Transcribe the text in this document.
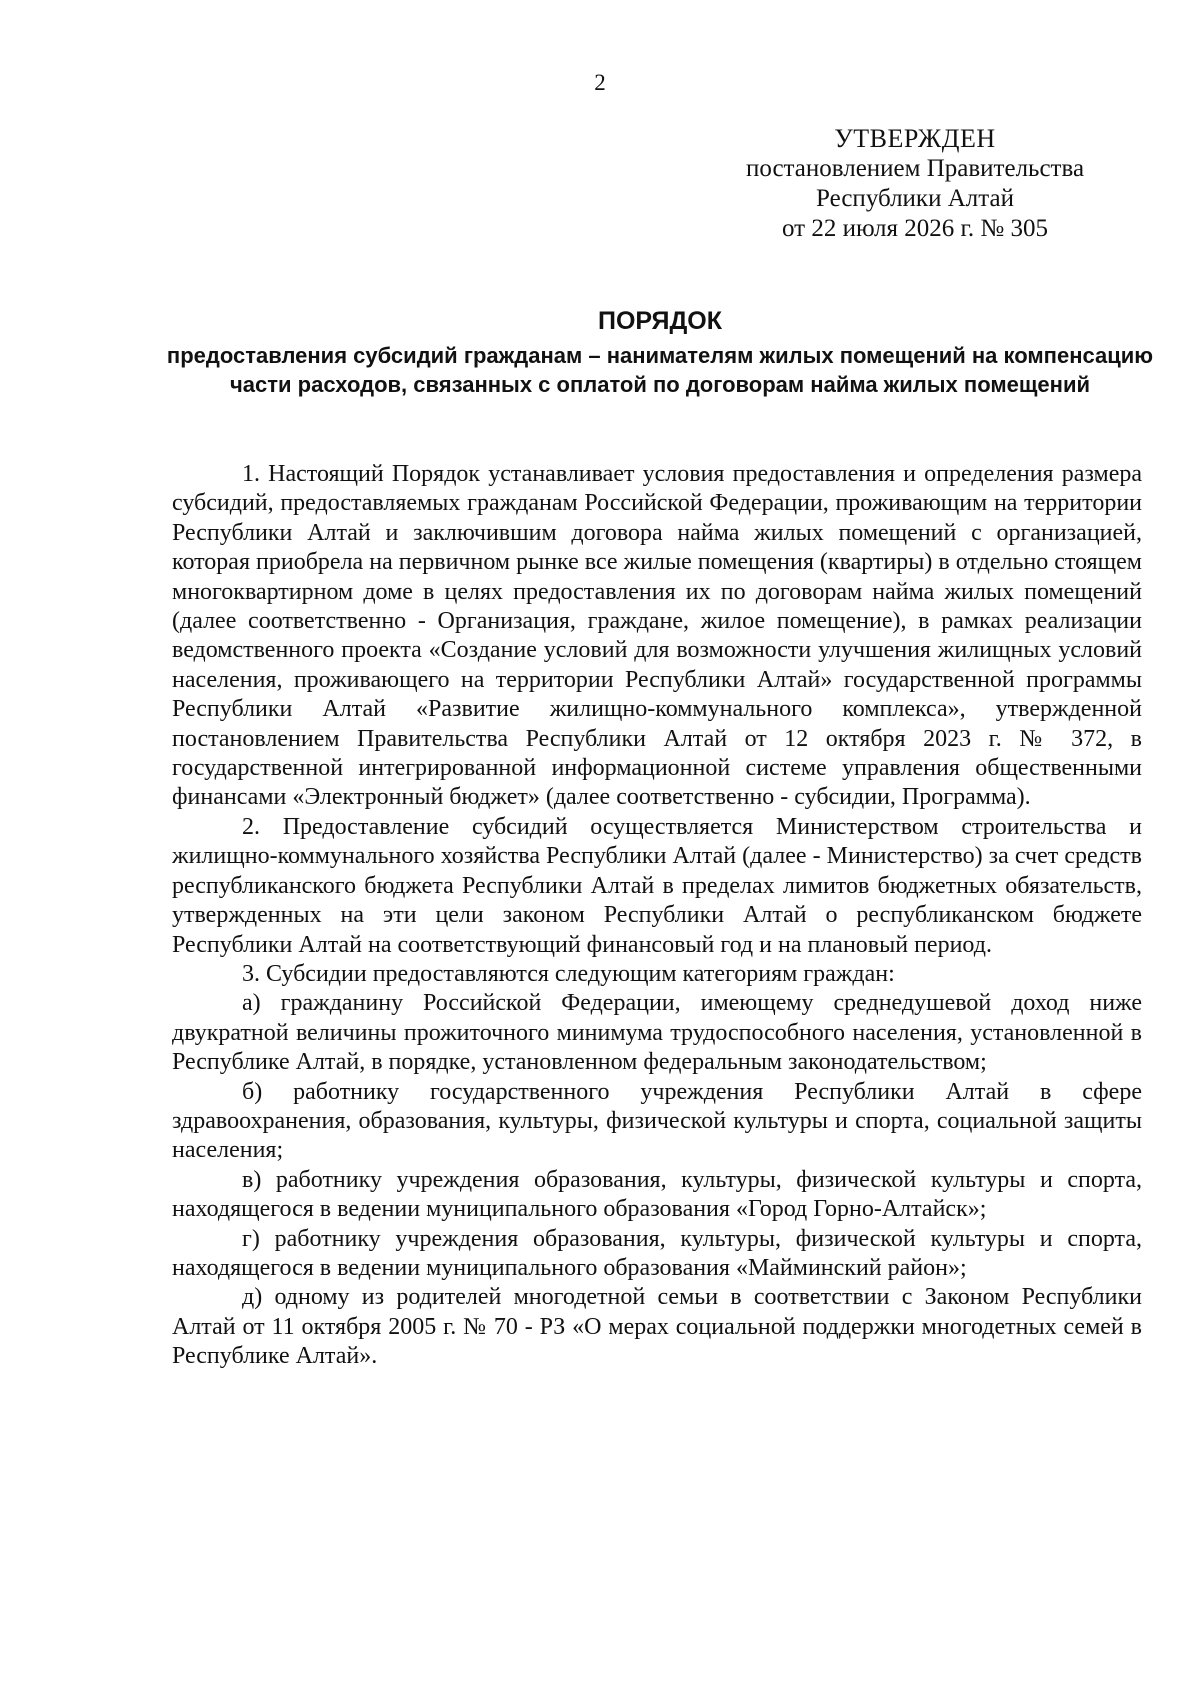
2
УТВЕРЖДЕН
постановлением Правительства
Республики Алтай
от 22 июля 2026 г. № 305
ПОРЯДОК
предоставления субсидий гражданам – нанимателям жилых помещений на компенсацию части расходов, связанных с оплатой по договорам найма жилых помещений

1. Настоящий Порядок устанавливает условия предоставления и определения размера субсидий, предоставляемых гражданам Российской Федерации, проживающим на территории Республики Алтай и заключившим договора найма жилых помещений с организацией, которая приобрела на первичном рынке все жилые помещения (квартиры) в отдельно стоящем многоквартирном доме в целях предоставления их по договорам найма жилых помещений (далее соответственно - Организация, граждане, жилое помещение), в рамках реализации ведомственного проекта «Создание условий для возможности улучшения жилищных условий населения, проживающего на территории Республики Алтай» государственной программы Республики Алтай «Развитие жилищно-коммунального комплекса», утвержденной постановлением Правительства Республики Алтай от 12 октября 2023 г. № 372, в государственной интегрированной информационной системе управления общественными финансами «Электронный бюджет» (далее соответственно - субсидии, Программа).

2. Предоставление субсидий осуществляется Министерством строительства и жилищно-коммунального хозяйства Республики Алтай (далее - Министерство) за счет средств республиканского бюджета Республики Алтай в пределах лимитов бюджетных обязательств, утвержденных на эти цели законом Республики Алтай о республиканском бюджете Республики Алтай на соответствующий финансовый год и на плановый период.

3. Субсидии предоставляются следующим категориям граждан:

а) гражданину Российской Федерации, имеющему среднедушевой доход ниже двукратной величины прожиточного минимума трудоспособного населения, установленной в Республике Алтай, в порядке, установленном федеральным законодательством;

б) работнику государственного учреждения Республики Алтай в сфере здравоохранения, образования, культуры, физической культуры и спорта, социальной защиты населения;

в) работнику учреждения образования, культуры, физической культуры и спорта, находящегося в ведении муниципального образования «Город Горно-Алтайск»;

г) работнику учреждения образования, культуры, физической культуры и спорта, находящегося в ведении муниципального образования «Майминский район»;

д) одному из родителей многодетной семьи в соответствии с Законом Республики Алтай от 11 октября 2005 г. № 70 - РЗ «О мерах социальной поддержки многодетных семей в Республике Алтай».
